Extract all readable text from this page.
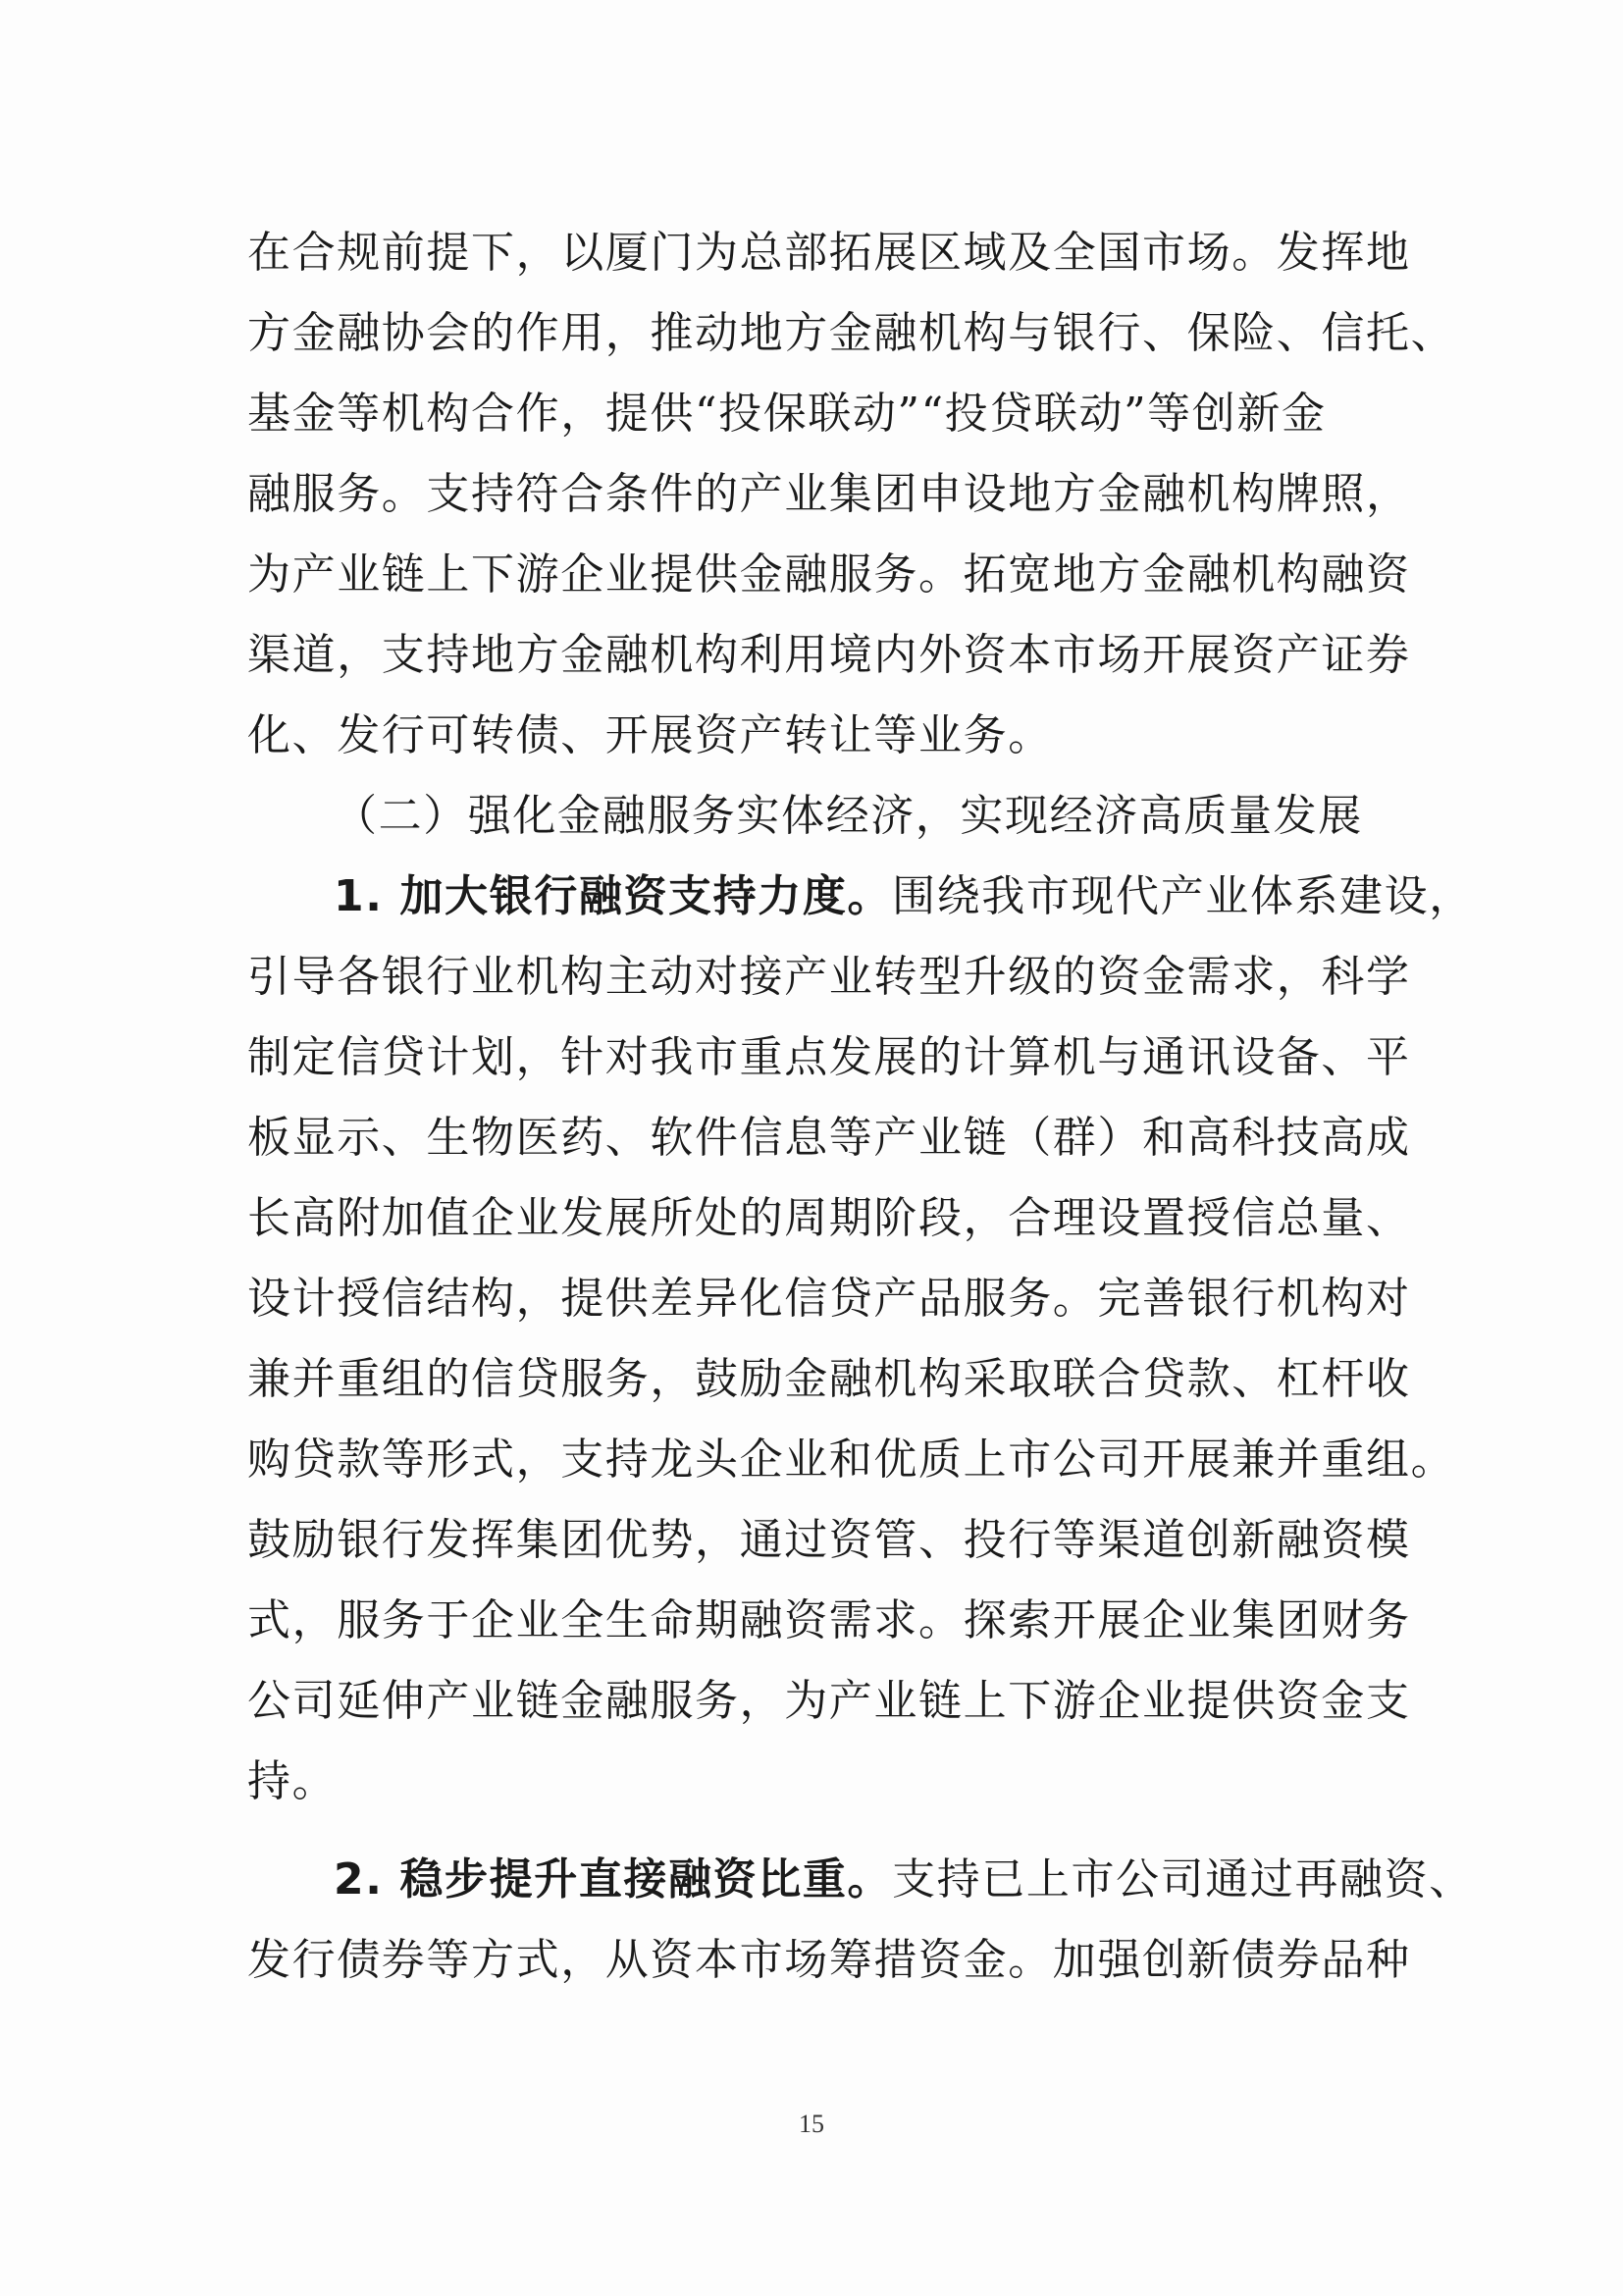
在合规前提下，以厦门为总部拓展区域及全国市场。发挥地
方金融协会的作用，推动地方金融机构与银行、保险、信托、
基金等机构合作，提供“投保联动”“投贷联动”等创新金
融服务。支持符合条件的产业集团申设地方金融机构牌照，
为产业链上下游企业提供金融服务。拓宽地方金融机构融资
渠道，支持地方金融机构利用境内外资本市场开展资产证券
化、发行可转债、开展资产转让等业务。
（二）强化金融服务实体经济，实现经济高质量发展
1. 加大银行融资支持力度。围绕我市现代产业体系建设，
引导各银行业机构主动对接产业转型升级的资金需求，科学
制定信贷计划，针对我市重点发展的计算机与通讯设备、平
板显示、生物医药、软件信息等产业链（群）和高科技高成
长高附加值企业发展所处的周期阶段，合理设置授信总量、
设计授信结构，提供差异化信贷产品服务。完善银行机构对
兼并重组的信贷服务，鼓励金融机构采取联合贷款、杠杆收
购贷款等形式，支持龙头企业和优质上市公司开展兼并重组。
鼓励银行发挥集团优势，通过资管、投行等渠道创新融资模
式，服务于企业全生命期融资需求。探索开展企业集团财务
公司延伸产业链金融服务，为产业链上下游企业提供资金支
持。
2. 稳步提升直接融资比重。支持已上市公司通过再融资、
发行债券等方式，从资本市场筹措资金。加强创新债券品种
15
